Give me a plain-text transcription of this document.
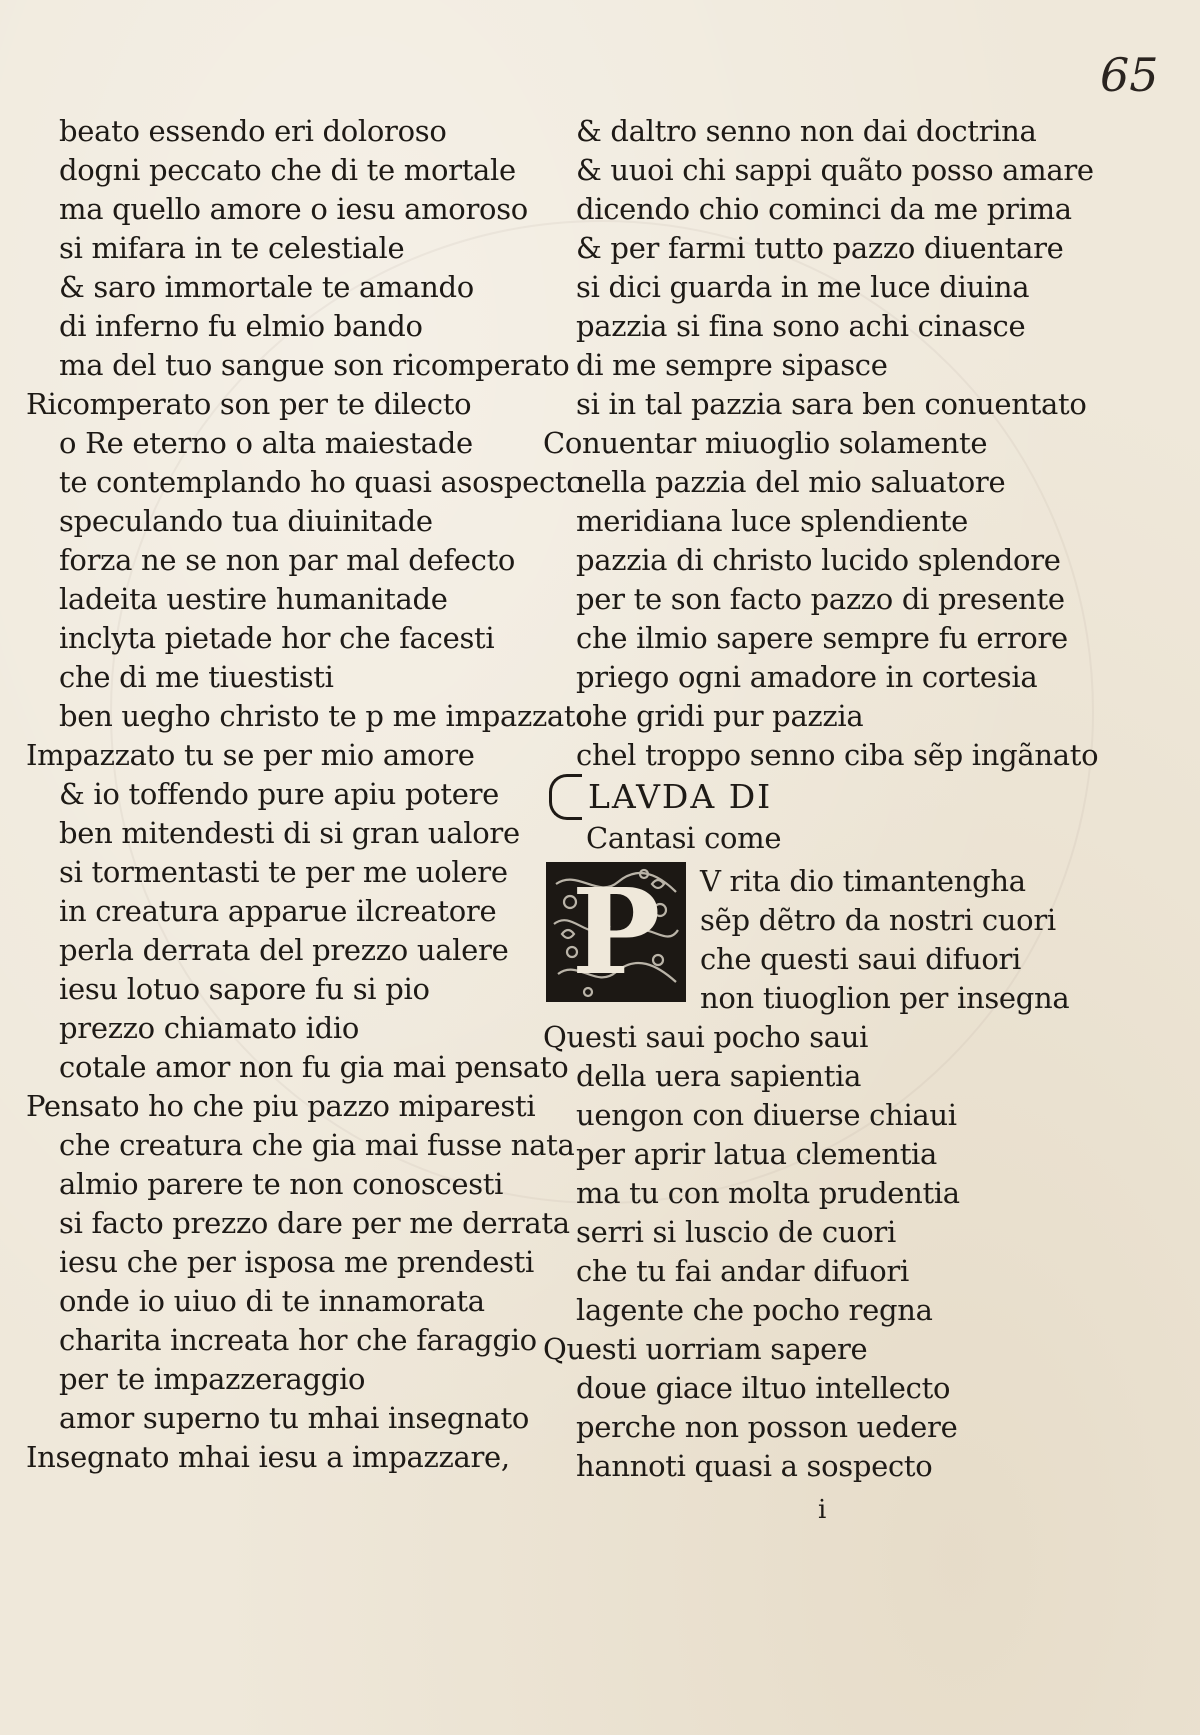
65
beato essendo eri doloroso
dogni peccato che di te mortale
ma quello amore o iesu amoroso
si mifara in te celestiale
& saro immortale te amando
di inferno fu elmio bando
ma del tuo sangue son ricomperato
Ricomperato son per te dilecto
o Re eterno o alta maiestade
te contemplando ho quasi asospecto
speculando tua diuinitade
forza ne se non par mal defecto
ladeita uestire humanitade
inclyta pietade hor che facesti
che di me tiuestisti
ben uegho christo te p me impazzato
Impazzato tu se per mio amore
& io toffendo pure apiu potere
ben mitendesti di si gran ualore
si tormentasti te per me uolere
in creatura apparue ilcreatore
perla derrata del prezzo ualere
iesu lotuo sapore fu si pio
prezzo chiamato idio
cotale amor non fu gia mai pensato
Pensato ho che piu pazzo miparesti
che creatura che gia mai fusse nata
almio parere te non conoscesti
si facto prezzo dare per me derrata
iesu che per isposa me prendesti
onde io uiuo di te innamorata
charita increata hor che faraggio
per te impazzeraggio
amor superno tu mhai insegnato
Insegnato mhai iesu a impazzare,
& daltro senno non dai doctrina
& uuoi chi sappi quãto posso amare
dicendo chio cominci da me prima
& per farmi tutto pazzo diuentare
si dici guarda in me luce diuina
pazzia si fina sono achi cinasce
di me sempre sipasce
si in tal pazzia sara ben conuentato
Conuentar miuoglio solamente
nella pazzia del mio saluatore
meridiana luce splendiente
pazzia di christo lucido splendore
per te son facto pazzo di presente
che ilmio sapere sempre fu errore
priego ogni amadore in cortesia
che gridi pur pazzia
chel troppo senno ciba sẽp ingãnato
LAVDA DI
Cantasi come
P V rita dio timantengha
sẽp dẽtro da nostri cuori
che questi saui difuori
non tiuoglion per insegna
Questi saui pocho saui
della uera sapientia
uengon con diuerse chiaui
per aprir latua clementia
ma tu con molta prudentia
serri si luscio de cuori
che tu fai andar difuori
lagente che pocho regna
Questi uorriam sapere
doue giace iltuo intellecto
perche non posson uedere
hannoti quasi a sospecto
i
